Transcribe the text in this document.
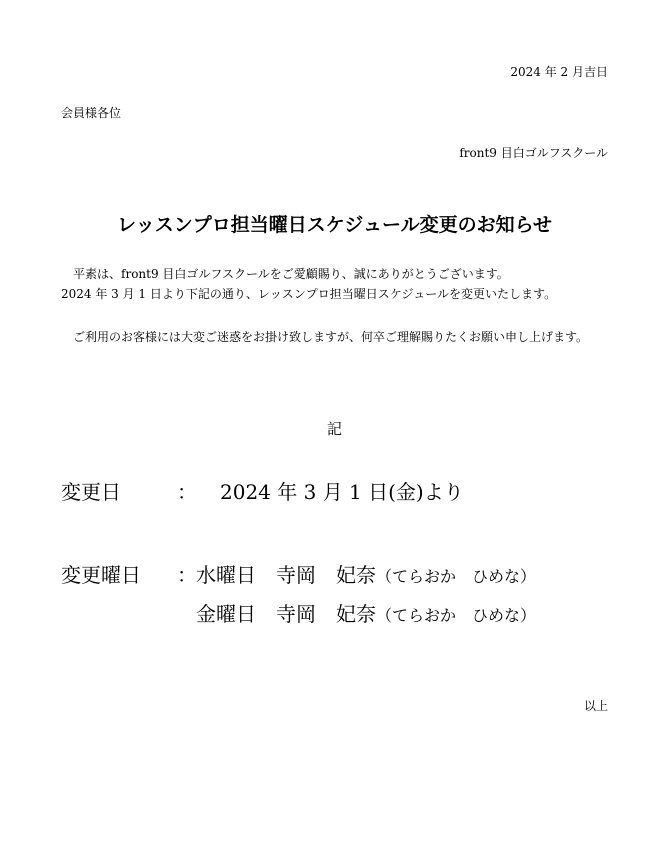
2024 年 2 月吉日
会員様各位
front9 目白ゴルフスクール
レッスンプロ担当曜日スケジュール変更のお知らせ
　平素は、front9 目白ゴルフスクールをご愛顧賜り、誠にありがとうございます。
2024 年 3 月 1 日より下記の通り、レッスンプロ担当曜日スケジュールを変更いたします。
　ご利用のお客様には大変ご迷惑をお掛け致しますが、何卒ご理解賜りたくお願い申し上げます。
記
変更日	： 2024 年 3 月 1 日(金)より
変更曜日 ： 水曜日　 寺岡　妃奈（てらおか　ひめな）
金曜日　 寺岡　妃奈（てらおか　ひめな）
以上
